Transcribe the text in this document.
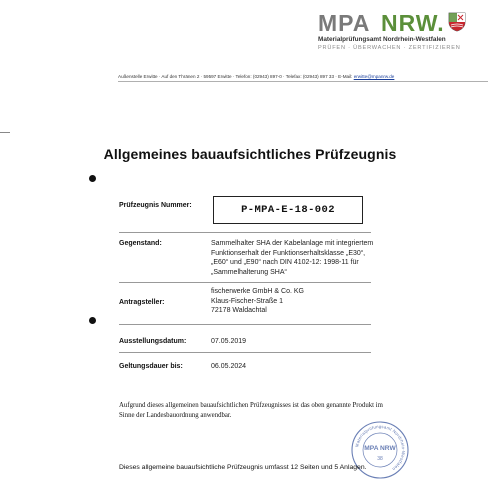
MPA NRW.
Materialprüfungsamt Nordrhein-Westfalen
PRÜFEN · ÜBERWACHEN · ZERTIFIZIEREN
Außenstelle Erwitte · Auf den Thränen 2 · 59597 Erwitte · Telefon: (02943) 897-0 · Telefax: (02943) 897 33 · E-Mail: erwitte@mpanrw.de
Allgemeines bauaufsichtliches Prüfzeugnis
Prüfzeugnis Nummer:	P-MPA-E-18-002
Gegenstand:	Sammelhalter SHA der Kabelanlage mit integriertem
Funktionserhalt der Funktionserhaltsklasse „E30“,
„E60“ und „E90“ nach DIN 4102-12: 1998-11 für
„Sammelhalterung SHA“
Antragsteller:
fischerwerke GmbH & Co. KG
Klaus-Fischer-Straße 1
72178 Waldachtal
Ausstellungsdatum:	07.05.2019
Geltungsdauer bis:	06.05.2024
Aufgrund dieses allgemeinen bauaufsichtlichen Prüfzeugnisses ist das oben genannte Produkt im Sinne der Landesbauordnung anwendbar.
Materialprüfungsamt Nordrhein-Westfalen
MPA NRW
38
Dieses allgemeine bauaufsichtliche Prüfzeugnis umfasst 12 Seiten und 5 Anlagen.
